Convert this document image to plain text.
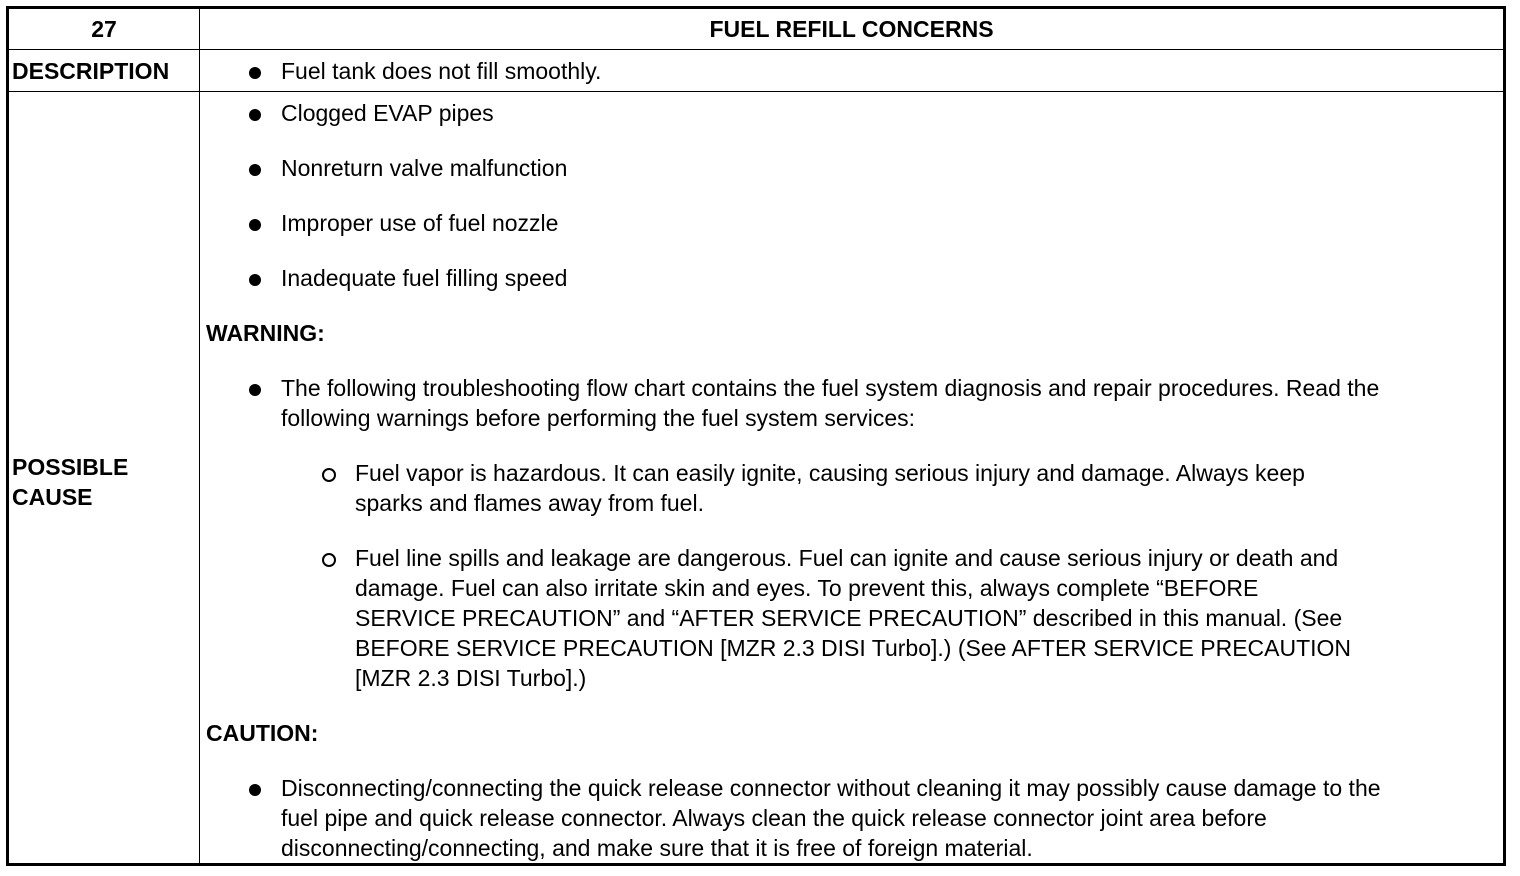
27	FUEL REFILL CONCERNS
DESCRIPTION	Fuel tank does not fill smoothly.
POSSIBLE
CAUSE
Clogged EVAP pipes
Nonreturn valve malfunction
Improper use of fuel nozzle
Inadequate fuel filling speed
WARNING:
The following troubleshooting flow chart contains the fuel system diagnosis and repair procedures. Read the
following warnings before performing the fuel system services:
Fuel vapor is hazardous. It can easily ignite, causing serious injury and damage. Always keep
sparks and flames away from fuel.
Fuel line spills and leakage are dangerous. Fuel can ignite and cause serious injury or death and
damage. Fuel can also irritate skin and eyes. To prevent this, always complete “BEFORE
SERVICE PRECAUTION” and “AFTER SERVICE PRECAUTION” described in this manual. (See
BEFORE SERVICE PRECAUTION [MZR 2.3 DISI Turbo].) (See AFTER SERVICE PRECAUTION
[MZR 2.3 DISI Turbo].)
CAUTION:
Disconnecting/connecting the quick release connector without cleaning it may possibly cause damage to the
fuel pipe and quick release connector. Always clean the quick release connector joint area before
disconnecting/connecting, and make sure that it is free of foreign material.
